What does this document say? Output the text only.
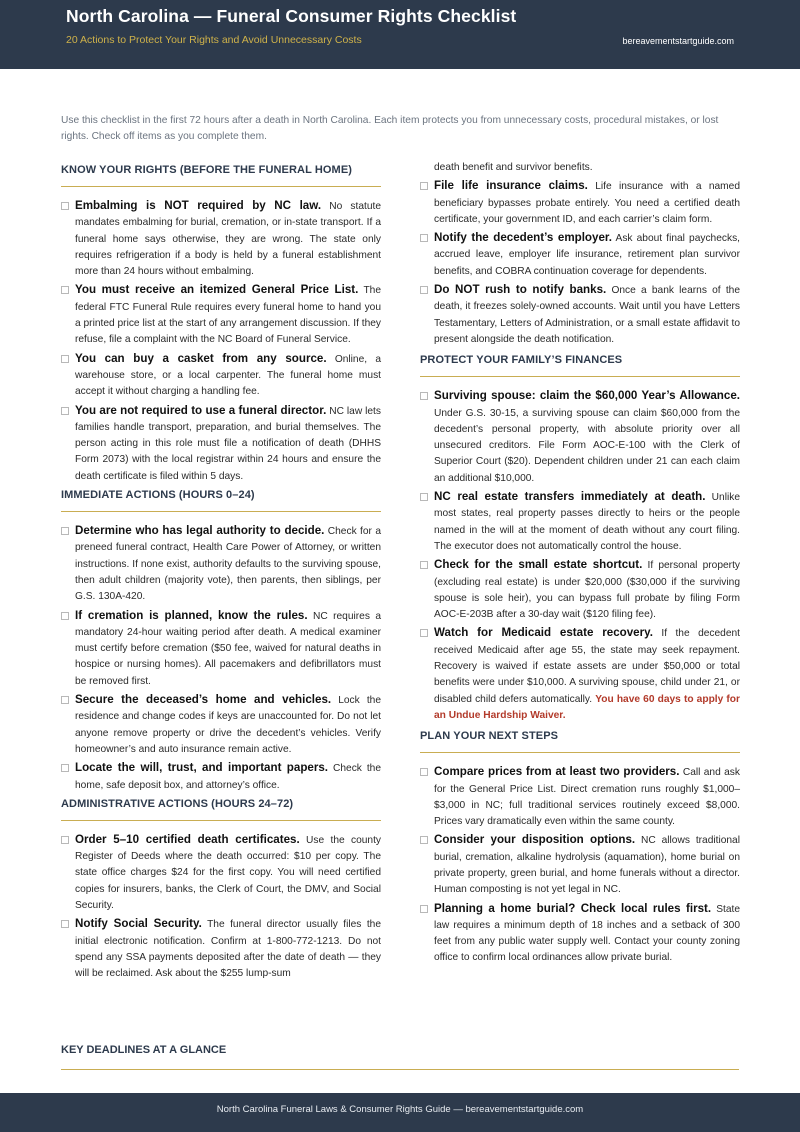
North Carolina — Funeral Consumer Rights Checklist
20 Actions to Protect Your Rights and Avoid Unnecessary Costs	bereavementstartguide.com
Use this checklist in the first 72 hours after a death in North Carolina. Each item protects you from unnecessary costs, procedural mistakes, or lost rights. Check off items as you complete them.
KNOW YOUR RIGHTS (BEFORE THE FUNERAL HOME)
Embalming is NOT required by NC law. No statute mandates embalming for burial, cremation, or in-state transport. If a funeral home says otherwise, they are wrong. The state only requires refrigeration if a body is held by a funeral establishment more than 24 hours without embalming.
You must receive an itemized General Price List. The federal FTC Funeral Rule requires every funeral home to hand you a printed price list at the start of any arrangement discussion. If they refuse, file a complaint with the NC Board of Funeral Service.
You can buy a casket from any source. Online, a warehouse store, or a local carpenter. The funeral home must accept it without charging a handling fee.
You are not required to use a funeral director. NC law lets families handle transport, preparation, and burial themselves. The person acting in this role must file a notification of death (DHHS Form 2073) with the local registrar within 24 hours and ensure the death certificate is filed within 5 days.
IMMEDIATE ACTIONS (HOURS 0–24)
Determine who has legal authority to decide. Check for a preneed funeral contract, Health Care Power of Attorney, or written instructions. If none exist, authority defaults to the surviving spouse, then adult children (majority vote), then parents, then siblings, per G.S. 130A-420.
If cremation is planned, know the rules. NC requires a mandatory 24-hour waiting period after death. A medical examiner must certify before cremation ($50 fee, waived for natural deaths in hospice or nursing homes). All pacemakers and defibrillators must be removed first.
Secure the deceased’s home and vehicles. Lock the residence and change codes if keys are unaccounted for. Do not let anyone remove property or drive the decedent’s vehicles. Verify homeowner’s and auto insurance remain active.
Locate the will, trust, and important papers. Check the home, safe deposit box, and attorney’s office.
ADMINISTRATIVE ACTIONS (HOURS 24–72)
Order 5–10 certified death certificates. Use the county Register of Deeds where the death occurred: $10 per copy. The state office charges $24 for the first copy. You will need certified copies for insurers, banks, the Clerk of Court, the DMV, and Social Security.
Notify Social Security. The funeral director usually files the initial electronic notification. Confirm at 1-800-772-1213. Do not spend any SSA payments deposited after the date of death — they will be reclaimed. Ask about the $255 lump-sum
death benefit and survivor benefits.
File life insurance claims. Life insurance with a named beneficiary bypasses probate entirely. You need a certified death certificate, your government ID, and each carrier’s claim form.
Notify the decedent’s employer. Ask about final paychecks, accrued leave, employer life insurance, retirement plan survivor benefits, and COBRA continuation coverage for dependents.
Do NOT rush to notify banks. Once a bank learns of the death, it freezes solely-owned accounts. Wait until you have Letters Testamentary, Letters of Administration, or a small estate affidavit to present alongside the death notification.
PROTECT YOUR FAMILY’S FINANCES
Surviving spouse: claim the $60,000 Year’s Allowance. Under G.S. 30-15, a surviving spouse can claim $60,000 from the decedent’s personal property, with absolute priority over all unsecured creditors. File Form AOC-E-100 with the Clerk of Superior Court ($20). Dependent children under 21 can each claim an additional $10,000.
NC real estate transfers immediately at death. Unlike most states, real property passes directly to heirs or the people named in the will at the moment of death without any court filing. The executor does not automatically control the house.
Check for the small estate shortcut. If personal property (excluding real estate) is under $20,000 ($30,000 if the surviving spouse is sole heir), you can bypass full probate by filing Form AOC-E-203B after a 30-day wait ($120 filing fee).
Watch for Medicaid estate recovery. If the decedent received Medicaid after age 55, the state may seek repayment. Recovery is waived if estate assets are under $50,000 or total benefits were under $10,000. A surviving spouse, child under 21, or disabled child defers automatically. You have 60 days to apply for an Undue Hardship Waiver.
PLAN YOUR NEXT STEPS
Compare prices from at least two providers. Call and ask for the General Price List. Direct cremation runs roughly $1,000–$3,000 in NC; full traditional services routinely exceed $8,000. Prices vary dramatically even within the same county.
Consider your disposition options. NC allows traditional burial, cremation, alkaline hydrolysis (aquamation), home burial on private property, green burial, and home funerals without a director. Human composting is not yet legal in NC.
Planning a home burial? Check local rules first. State law requires a minimum depth of 18 inches and a setback of 300 feet from any public water supply well. Contact your county zoning office to confirm local ordinances allow private burial.
KEY DEADLINES AT A GLANCE
North Carolina Funeral Laws & Consumer Rights Guide — bereavementstartguide.com
